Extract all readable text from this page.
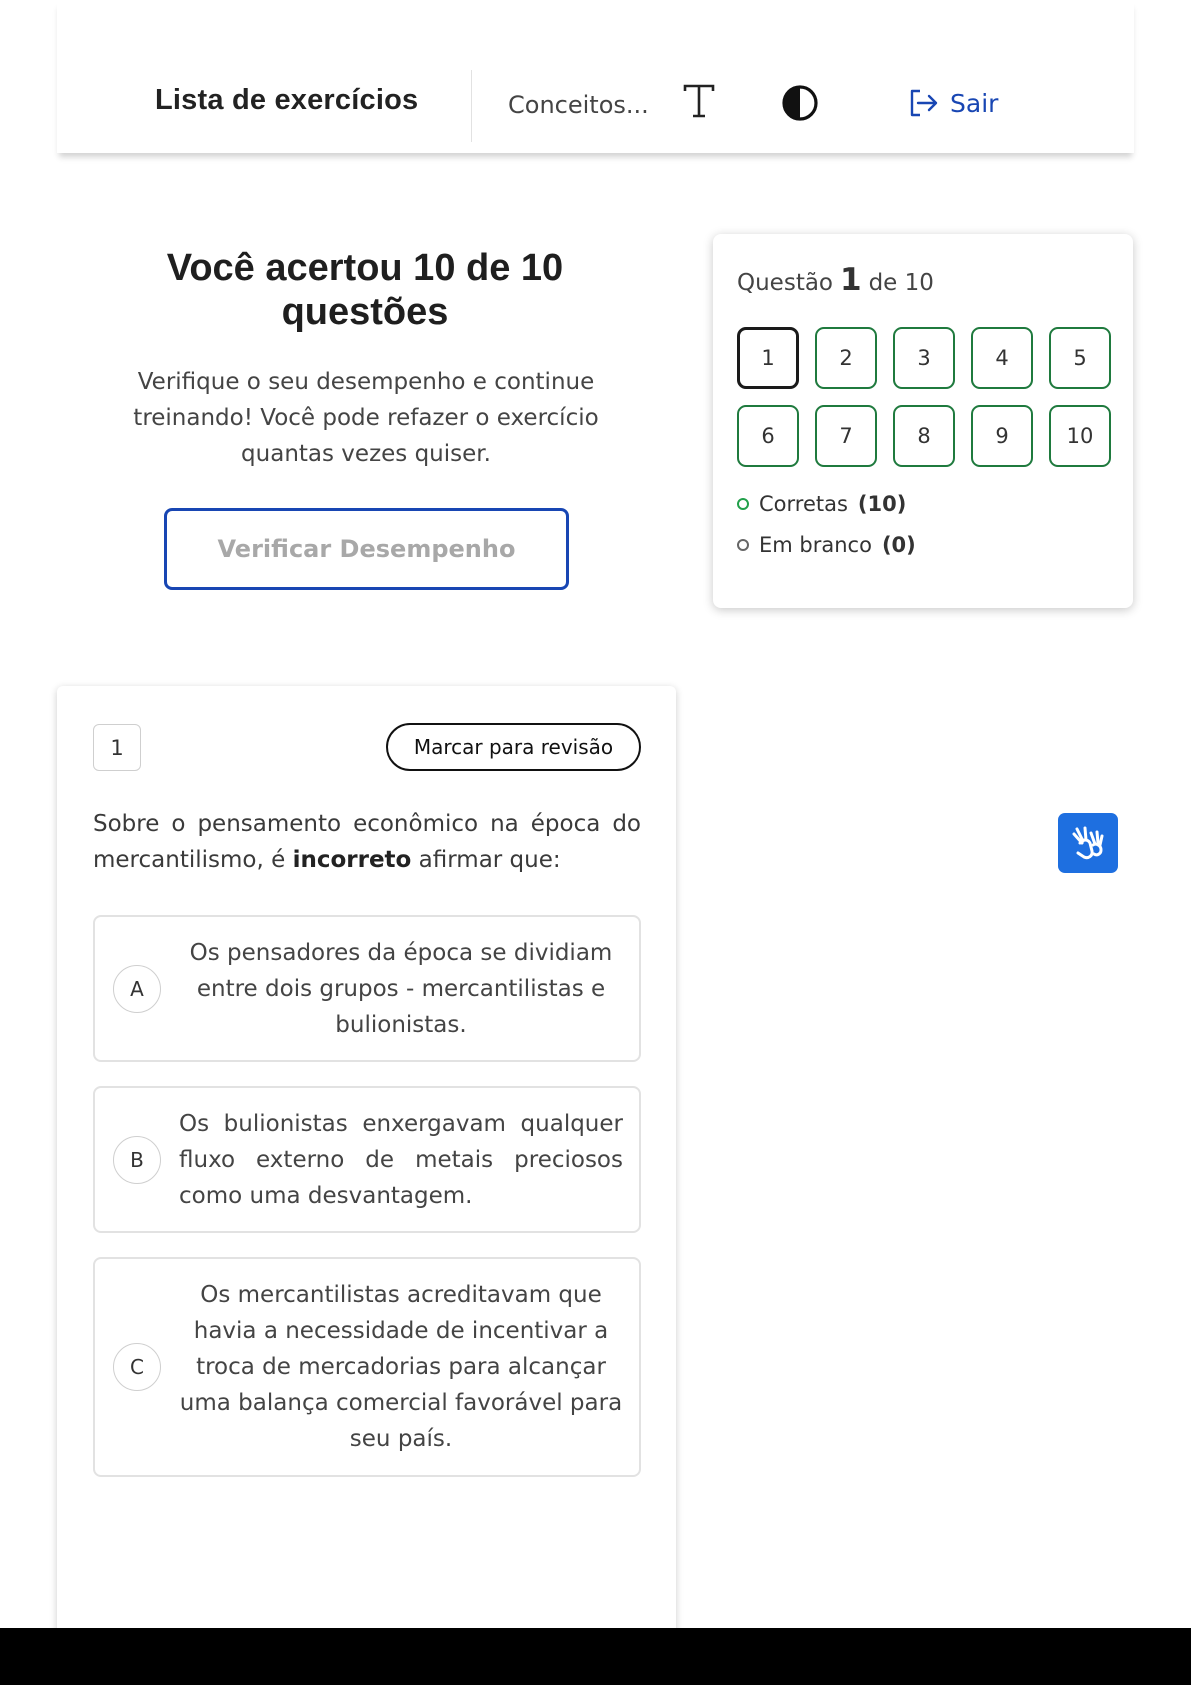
Lista de exercícios	Conceitos...	Sair
Você acertou 10 de 10 questões
Verifique o seu desempenho e continue treinando! Você pode refazer o exercício quantas vezes quiser.
Verificar Desempenho
Questão 1 de 10
1	2	3	4	5
6	7	8	9	10
Corretas (10)
Em branco (0)
1	Marcar para revisão
Sobre o pensamento econômico na época do mercantilismo, é incorreto afirmar que:
A
Os pensadores da época se dividiam entre dois grupos - mercantilistas e bulionistas.
B
Os bulionistas enxergavam qualquer fluxo externo de metais preciosos como uma desvantagem.
C
Os mercantilistas acreditavam que havia a necessidade de incentivar a troca de mercadorias para alcançar uma balança comercial favorável para seu país.
